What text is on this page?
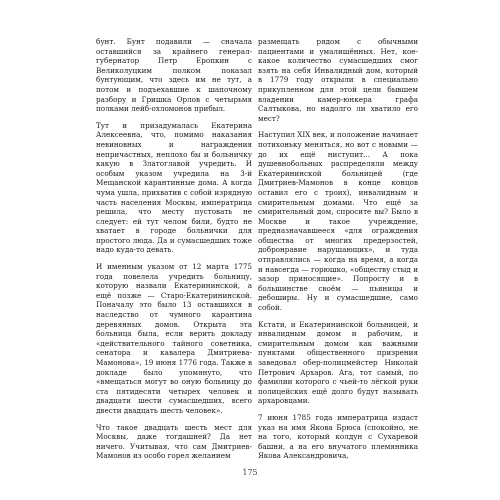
бунт. Бунт подавили — сначала оставшийся за крайнего генерал-губернатор Петр Еропкин с Великолуцким полком показал бунтующим, что здесь им не тут, а потом и подъехавшие к шапочному разбору и Гришка Орлов с четырьмя полками лейб-охломонов прибыл.

Тут и призадумалась Екатерина Алексеевна, что, помимо наказания невиновных и награждения непричастных, неплохо бы и больничку какую в Златоглавой учредить. И особым указом учредила на 3-й Мещанской карантинные дома. А когда чума ушла, прихватив с собой изрядную часть населения Москвы, императрица решила, что месту пустовать не следует: ей тут челом били, будто не хватает в городе больнички для простого люда. Да и сумасшедших тоже надо куда-то девать.

И именным указом от 12 марта 1775 года повелела учредить больницу, которую назвали Екатерининской, а ещё позже — Старо-Екатерининской. Поначалу это было 13 оставшихся в наследство от чумного карантина деревянных домов. Открыта эта больница была, если верить докладу «действительного тайного советника, сенатора и кавалера Дмитриева-Мамонова», 19 июня 1776 года. Также в докладе было упомянуто, что «вмещаться могут во оную больницу до ста пятидесяти четырех человек и двадцати шести сумасшедших, всего двести двадцать шесть человек».

Что такое двадцать шесть мест для Москвы, даже тогдашней? Да нет ничего. Учитывая, что сам Дмитриев-Мамонов из особо горел желанием

размещать рядом с обычными пациентами и умалишённых. Нет, кое-какое количество сумасшедших смог взять на себя Инвалидный дом, который в 1779 году открыли в специально прикупленном для этой цели бывшем владении камер-юнкера графа Салтыкова, но надолго ли хватило его мест?

Наступил XIX век, и положение начинает потихоньку меняться, но вот с новыми — до их ещё ниступит... А пока душевнобольных распределяли между Екатерининской больницей (где Дмитриев-Мамонов в конце концов оставил его с троих), инвалидным и смирительным домами. Что ещё за смирительный дом, спросите вы? Было в Москве и такое учреждение, предназначавшееся «для ограждения общества от многих предерзостей, добронравие нарушающих», и туда отправлялись — когда на время, а когда и навсегда — горюшко, «обществу стыд и зазор приносящие». Попросту и в большинстве своём — пьяницы и дебоширы. Ну и сумасшедшие, само собой.

Кстати, и Екатерининской больницей, и инвалидным домом и рабочим, и смирительным домом как важными пунктами общественного призрения заведовал обер-полицмейстер Николай Петрович Архаров. Ага, тот самый, по фамилии которого с чьей-то лёгкой руки полицейских ещё долго будут называть архаровцами.

7 июня 1785 года императрица издаст указ на имя Якова Брюса (спокойно, не на того, который колдун с Сухаревой башни, а на его внучатого племянника Якова Александровича,

175
